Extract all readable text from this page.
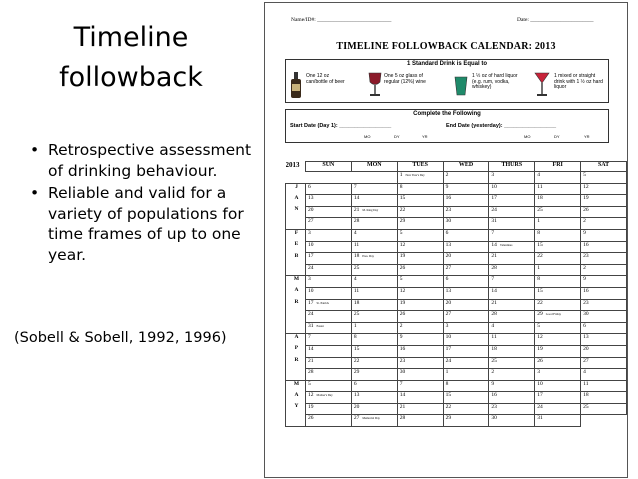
Timeline
followback
• Retrospective assessment of drinking behaviour.
• Reliable and valid for a variety of populations for time frames of up to one year.
(Sobell & Sobell, 1992, 1996)
Name/ID#: ___________________________	Date: _______________________
TIMELINE FOLLOWBACK CALENDAR: 2013
1 Standard Drink is Equal to
One 12 oz can/bottle of beer
One 5 oz glass of regular (12%) wine
1 ½ oz of hard liquor (e.g. rum, vodka, whiskey)
1 mixed or straight drink with 1 ½ oz hard liquor
Complete the Following
Start Date (Day 1): _________________	End Date (yesterday): _________________
MO	DY	YR	MO	DY	YR
2013	SUN	MON	TUES	WED	THURS	FRI	SAT
			1 $^{New Year's Day}$	2	3	4	5
J	6	7	8	9	10	11	12
A	13	14	15	16	17	18	19
N	20	21 $^{M. King Day}$	22	23	24	25	26
	27	28	29	30	31	1	2
F	3	4	5	6	7	8	9
E	10	11	12	13	14 $^{Valentines}$	15	16
B	17	18 $^{Pres. Day}$	19	20	21	22	23
	24	25	26	27	28	1	2
M	3	4	5	6	7	8	9
A	10	11	12	13	14	15	16
R	17 $^{St. Patrick}$	18	19	20	21	22	23
	24	25	26	27	28	29 $^{Good Friday}$	30
	31 $^{Easter}$	1	2	3	4	5	6
A	7	8	9	10	11	12	13
P	14	15	16	17	18	19	20
R	21	22	23	24	25	26	27
	28	29	30	1	2	3	4
M	5	6	7	8	9	10	11
A	12 $^{Mother's Day}$	13	14	15	16	17	18
Y	19	20	21	22	23	24	25
	26	27 $^{Memorial Day}$	28	29	30	31	
